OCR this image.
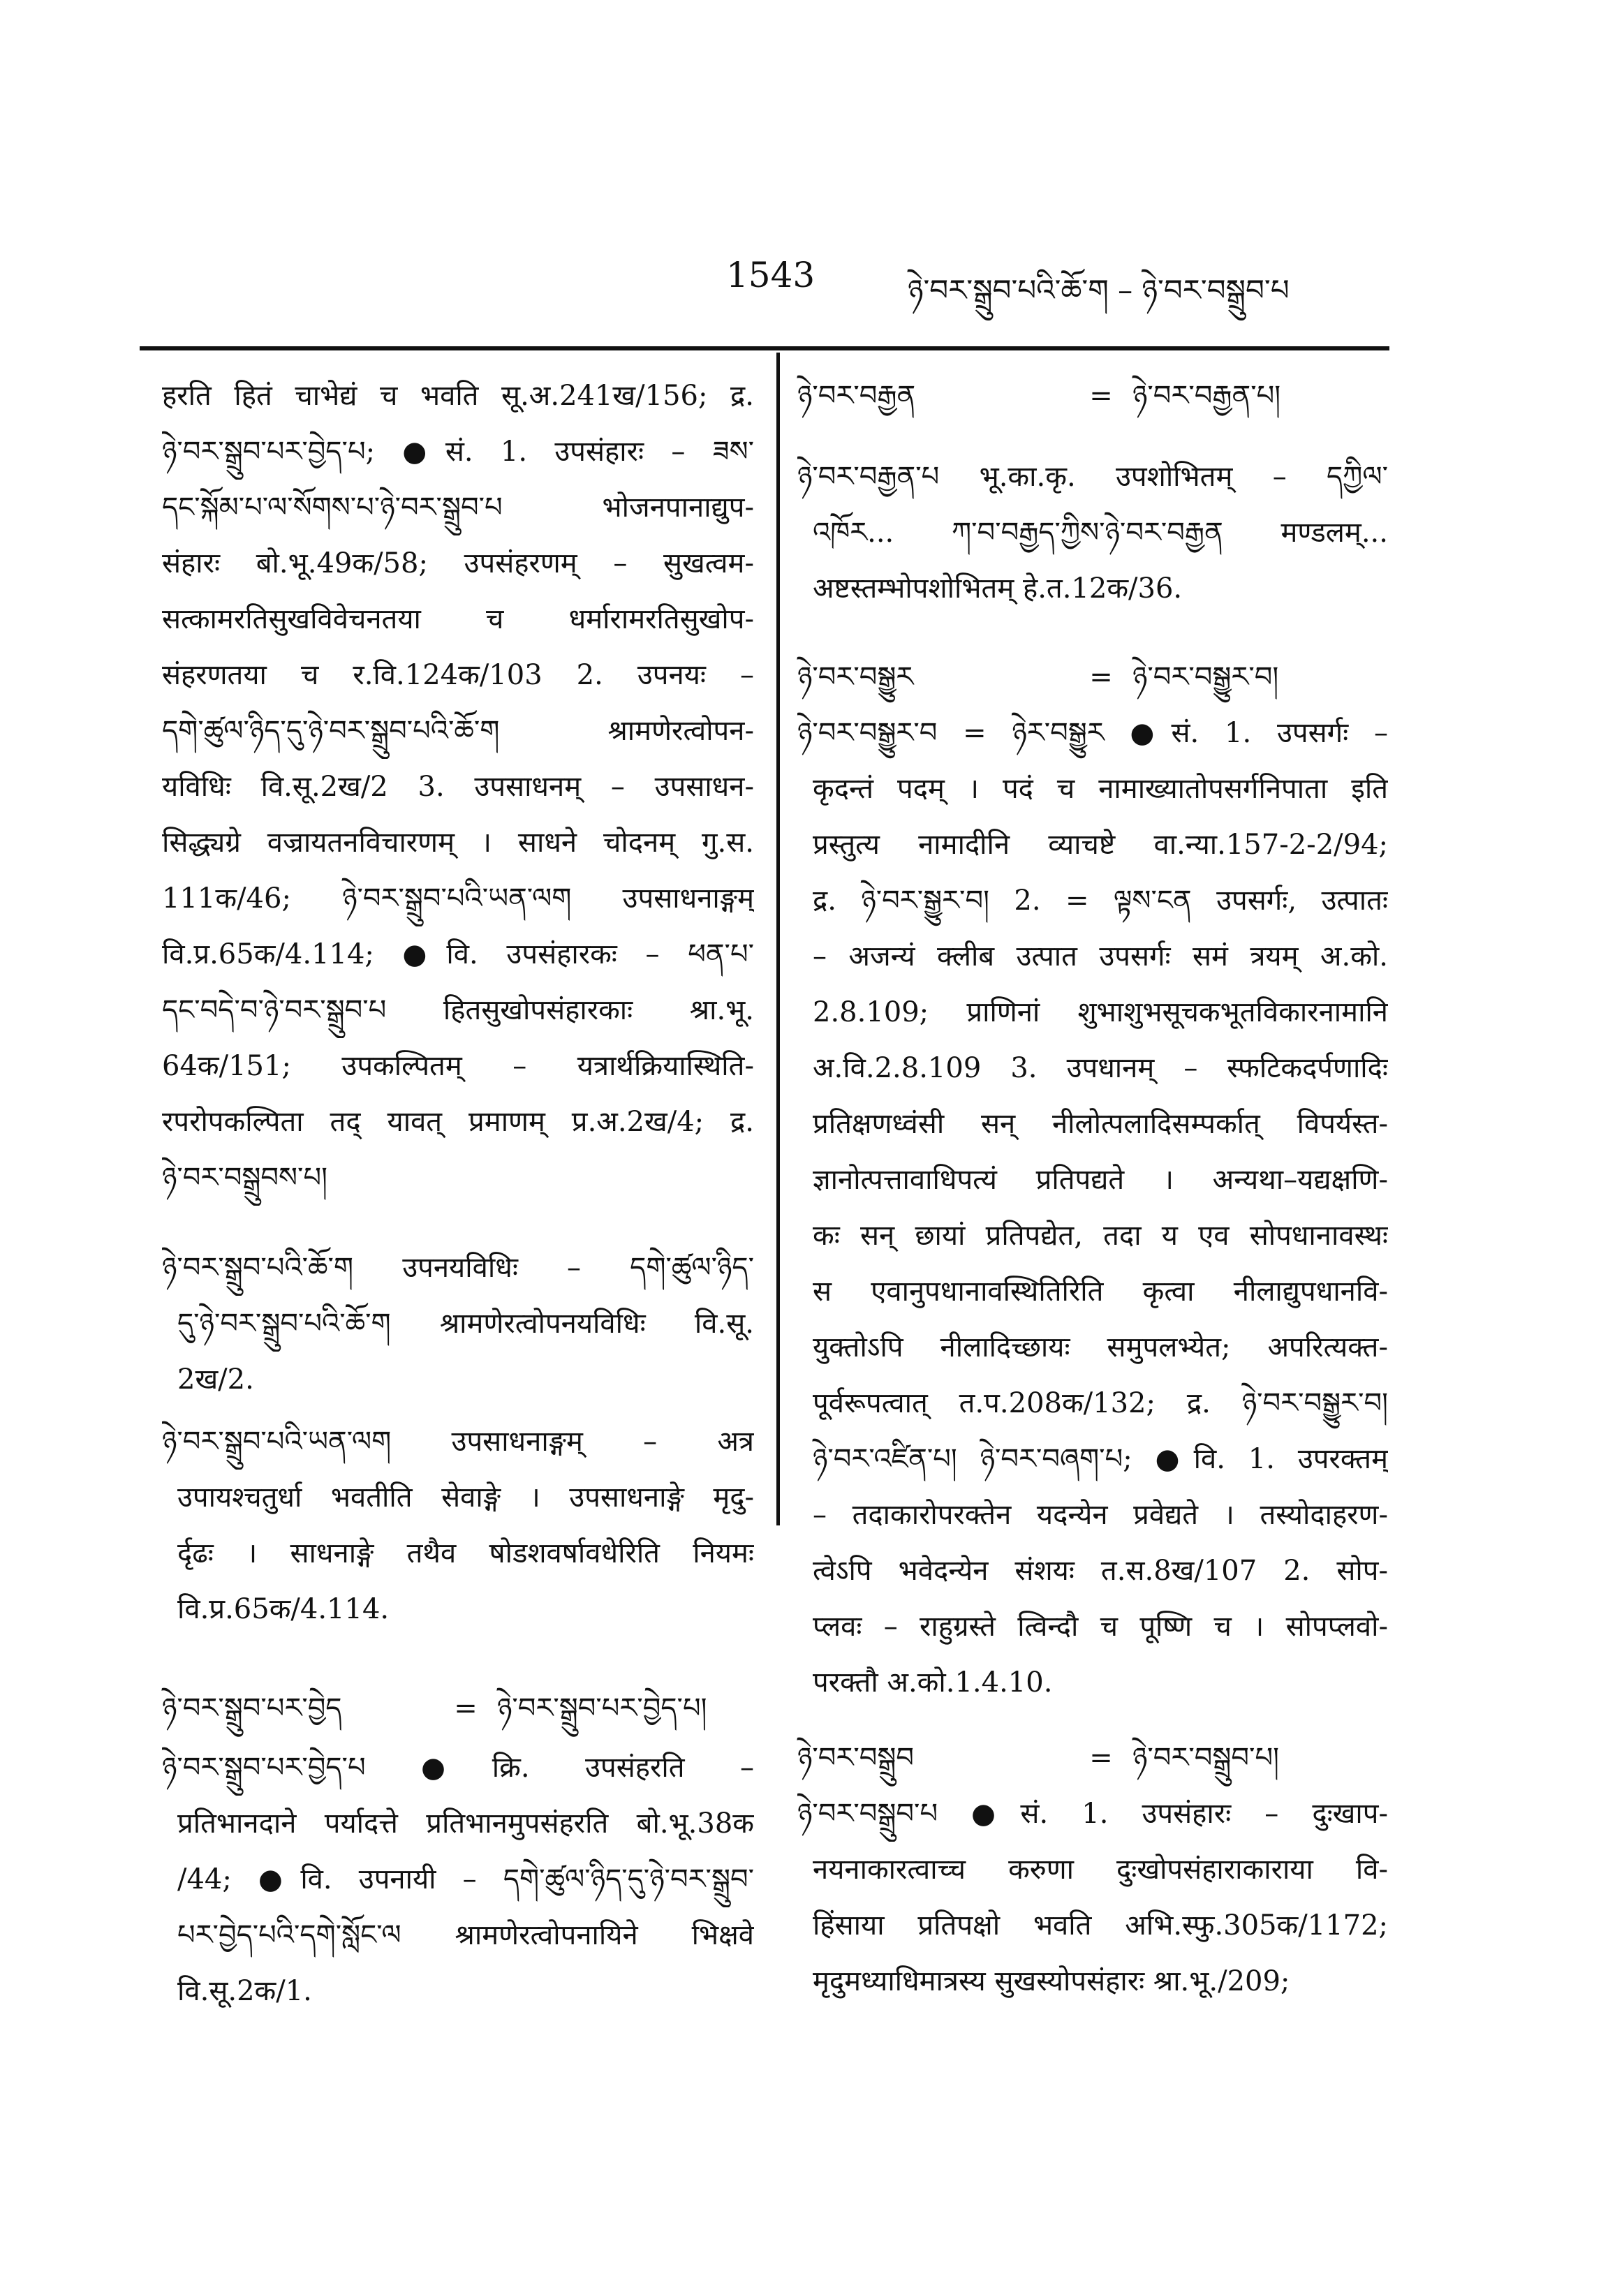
1543	ཉེ་བར་སྒྲུབ་པའི་ཆོ་ག – ཉེ་བར་བསྒྲུབ་པ
हरति हितं चाभेद्यं च भवति सू.अ.241ख/156; द्र.
ཉེ་བར་སྒྲུབ་པར་བྱེད་པ; ●सं. 1. उपसंहारः – ཟས་
དང་སྐོམ་པ་ལ་སོགས་པ་ཉེ་བར་སྒྲུབ་པ भोजनपानाद्युप-
संहारः बो.भू.49क/58; उपसंहरणम् – सुखत्वम-
सत्कामरतिसुखविवेचनतया च धर्मारामरतिसुखोप-
संहरणतया च र.वि.124क/103 2. उपनयः –
དགེ་ཚུལ་ཉིད་དུ་ཉེ་བར་སྒྲུབ་པའི་ཆོ་ག श्रामणेरत्वोपन-
यविधिः वि.सू.2ख/2 3. उपसाधनम् – उपसाधन-
सिद्ध्यग्रे वज्रायतनविचारणम् । साधने चोदनम् गु.स.
111क/46; ཉེ་བར་སྒྲུབ་པའི་ཡན་ལག उपसाधनाङ्गम्
वि.प्र.65क/4.114; ●वि. उपसंहारकः – ཕན་པ་
དང་བདེ་བ་ཉེ་བར་སྒྲུབ་པ हितसुखोपसंहारकाः श्रा.भू.
64क/151; उपकल्पितम् – यत्रार्थक्रियास्थिति-
रपरोपकल्पिता तद् यावत् प्रमाणम् प्र.अ.2ख/4; द्र.
ཉེ་བར་བསྒྲུབས་པ།
ཉེ་བར་སྒྲུབ་པའི་ཆོ་ག उपनयविधिः – དགེ་ཚུལ་ཉིད་
དུ་ཉེ་བར་སྒྲུབ་པའི་ཆོ་ག श्रामणेरत्वोपनयविधिः वि.सू.
2ख/2.
ཉེ་བར་སྒྲུབ་པའི་ཡན་ལག उपसाधनाङ्गम् – अत्र
उपायश्चतुर्धा भवतीति सेवाङ्गे । उपसाधनाङ्गे मृदु-
र्दृढः । साधनाङ्गे तथैव षोडशवर्षावधेरिति नियमः
वि.प्र.65क/4.114.
ཉེ་བར་སྒྲུབ་པར་བྱེད	= ཉེ་བར་སྒྲུབ་པར་བྱེད་པ།
ཉེ་བར་སྒྲུབ་པར་བྱེད་པ ●क्रि. उपसंहरति –
प्रतिभानदाने पर्यादत्ते प्रतिभानमुपसंहरति बो.भू.38क
/44; ●वि. उपनायी – དགེ་ཚུལ་ཉིད་དུ་ཉེ་བར་སྒྲུབ་
པར་བྱེད་པའི་དགེ་སློང་ལ श्रामणेरत्वोपनायिने भिक्षवे
वि.सू.2क/1.
ཉེ་བར་བརྒྱན	= ཉེ་བར་བརྒྱན་པ།
ཉེ་བར་བརྒྱན་པ भू.का.कृ. उपशोभितम् – དཀྱིལ་
འཁོར... ཀ་བ་བརྒྱད་ཀྱིས་ཉེ་བར་བརྒྱན मण्डलम्...
अष्टस्तम्भोपशोभितम् हे.त.12क/36.
ཉེ་བར་བསྒྱུར	= ཉེ་བར་བསྒྱུར་བ།
ཉེ་བར་བསྒྱུར་བ = ཉེར་བསྒྱུར ●सं. 1. उपसर्गः –
कृदन्तं पदम् । पदं च नामाख्यातोपसर्गनिपाता इति
प्रस्तुत्य नामादीनि व्याचष्टे वा.न्या.157-2-2/94;
द्र. ཉེ་བར་སྒྱུར་བ། 2. = ལྟས་ངན उपसर्गः, उत्पातः
– अजन्यं क्लीब उत्पात उपसर्गः समं त्रयम् अ.को.
2.8.109; प्राणिनां शुभाशुभसूचकभूतविकारनामानि
अ.वि.2.8.109 3. उपधानम् – स्फटिकदर्पणादिः
प्रतिक्षणध्वंसी सन् नीलोत्पलादिसम्पर्कात् विपर्यस्त-
ज्ञानोत्पत्तावाधिपत्यं प्रतिपद्यते । अन्यथा–यद्यक्षणि-
कः सन् छायां प्रतिपद्येत, तदा य एव सोपधानावस्थः
स एवानुपधानावस्थितिरिति कृत्वा नीलाद्युपधानवि-
युक्तोऽपि नीलादिच्छायः समुपलभ्येत; अपरित्यक्त-
पूर्वरूपत्वात् त.प.208क/132; द्र. ཉེ་བར་བསྒྱུར་བ།
ཉེ་བར་འཛིན་པ། ཉེ་བར་བཞག་པ; ●वि. 1. उपरक्तम्
– तदाकारोपरक्तेन यदन्येन प्रवेद्यते । तस्योदाहरण-
त्वेऽपि भवेदन्येन संशयः त.स.8ख/107 2. सोप-
प्लवः – राहुग्रस्ते त्विन्दौ च पूष्णि च । सोपप्लवो-
परक्तौ अ.को.1.4.10.
ཉེ་བར་བསྒྲུབ	= ཉེ་བར་བསྒྲུབ་པ།
ཉེ་བར་བསྒྲུབ་པ ●सं. 1. उपसंहारः – दुःखाप-
नयनाकारत्वाच्च करुणा दुःखोपसंहाराकाराया वि-
हिंसाया प्रतिपक्षो भवति अभि.स्फु.305क/1172;
मृदुमध्याधिमात्रस्य सुखस्योपसंहारः श्रा.भू./209;
